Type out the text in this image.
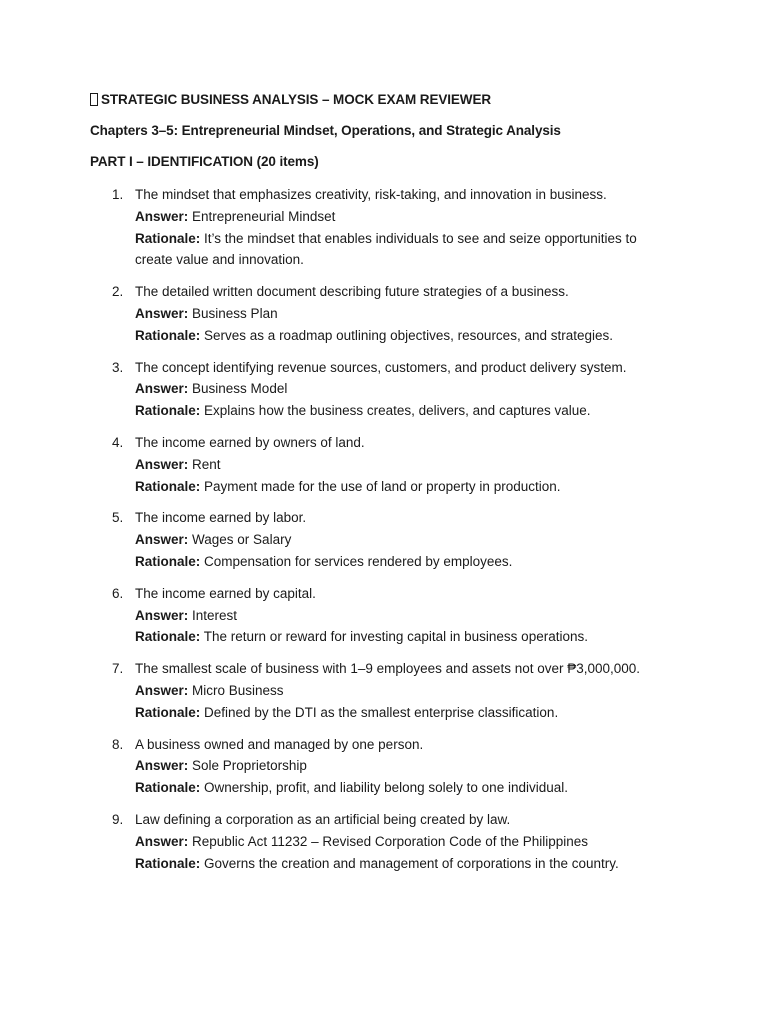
STRATEGIC BUSINESS ANALYSIS – MOCK EXAM REVIEWER

Chapters 3–5: Entrepreneurial Mindset, Operations, and Strategic Analysis

PART I – IDENTIFICATION (20 items)

1. The mindset that emphasizes creativity, risk-taking, and innovation in business.
Answer: Entrepreneurial Mindset
Rationale: It’s the mindset that enables individuals to see and seize opportunities to create value and innovation.
2. The detailed written document describing future strategies of a business.
Answer: Business Plan
Rationale: Serves as a roadmap outlining objectives, resources, and strategies.
3. The concept identifying revenue sources, customers, and product delivery system.
Answer: Business Model
Rationale: Explains how the business creates, delivers, and captures value.
4. The income earned by owners of land.
Answer: Rent
Rationale: Payment made for the use of land or property in production.
5. The income earned by labor.
Answer: Wages or Salary
Rationale: Compensation for services rendered by employees.
6. The income earned by capital.
Answer: Interest
Rationale: The return or reward for investing capital in business operations.
7. The smallest scale of business with 1–9 employees and assets not over ₱3,000,000.
Answer: Micro Business
Rationale: Defined by the DTI as the smallest enterprise classification.
8. A business owned and managed by one person.
Answer: Sole Proprietorship
Rationale: Ownership, profit, and liability belong solely to one individual.
9. Law defining a corporation as an artificial being created by law.
Answer: Republic Act 11232 – Revised Corporation Code of the Philippines
Rationale: Governs the creation and management of corporations in the country.
